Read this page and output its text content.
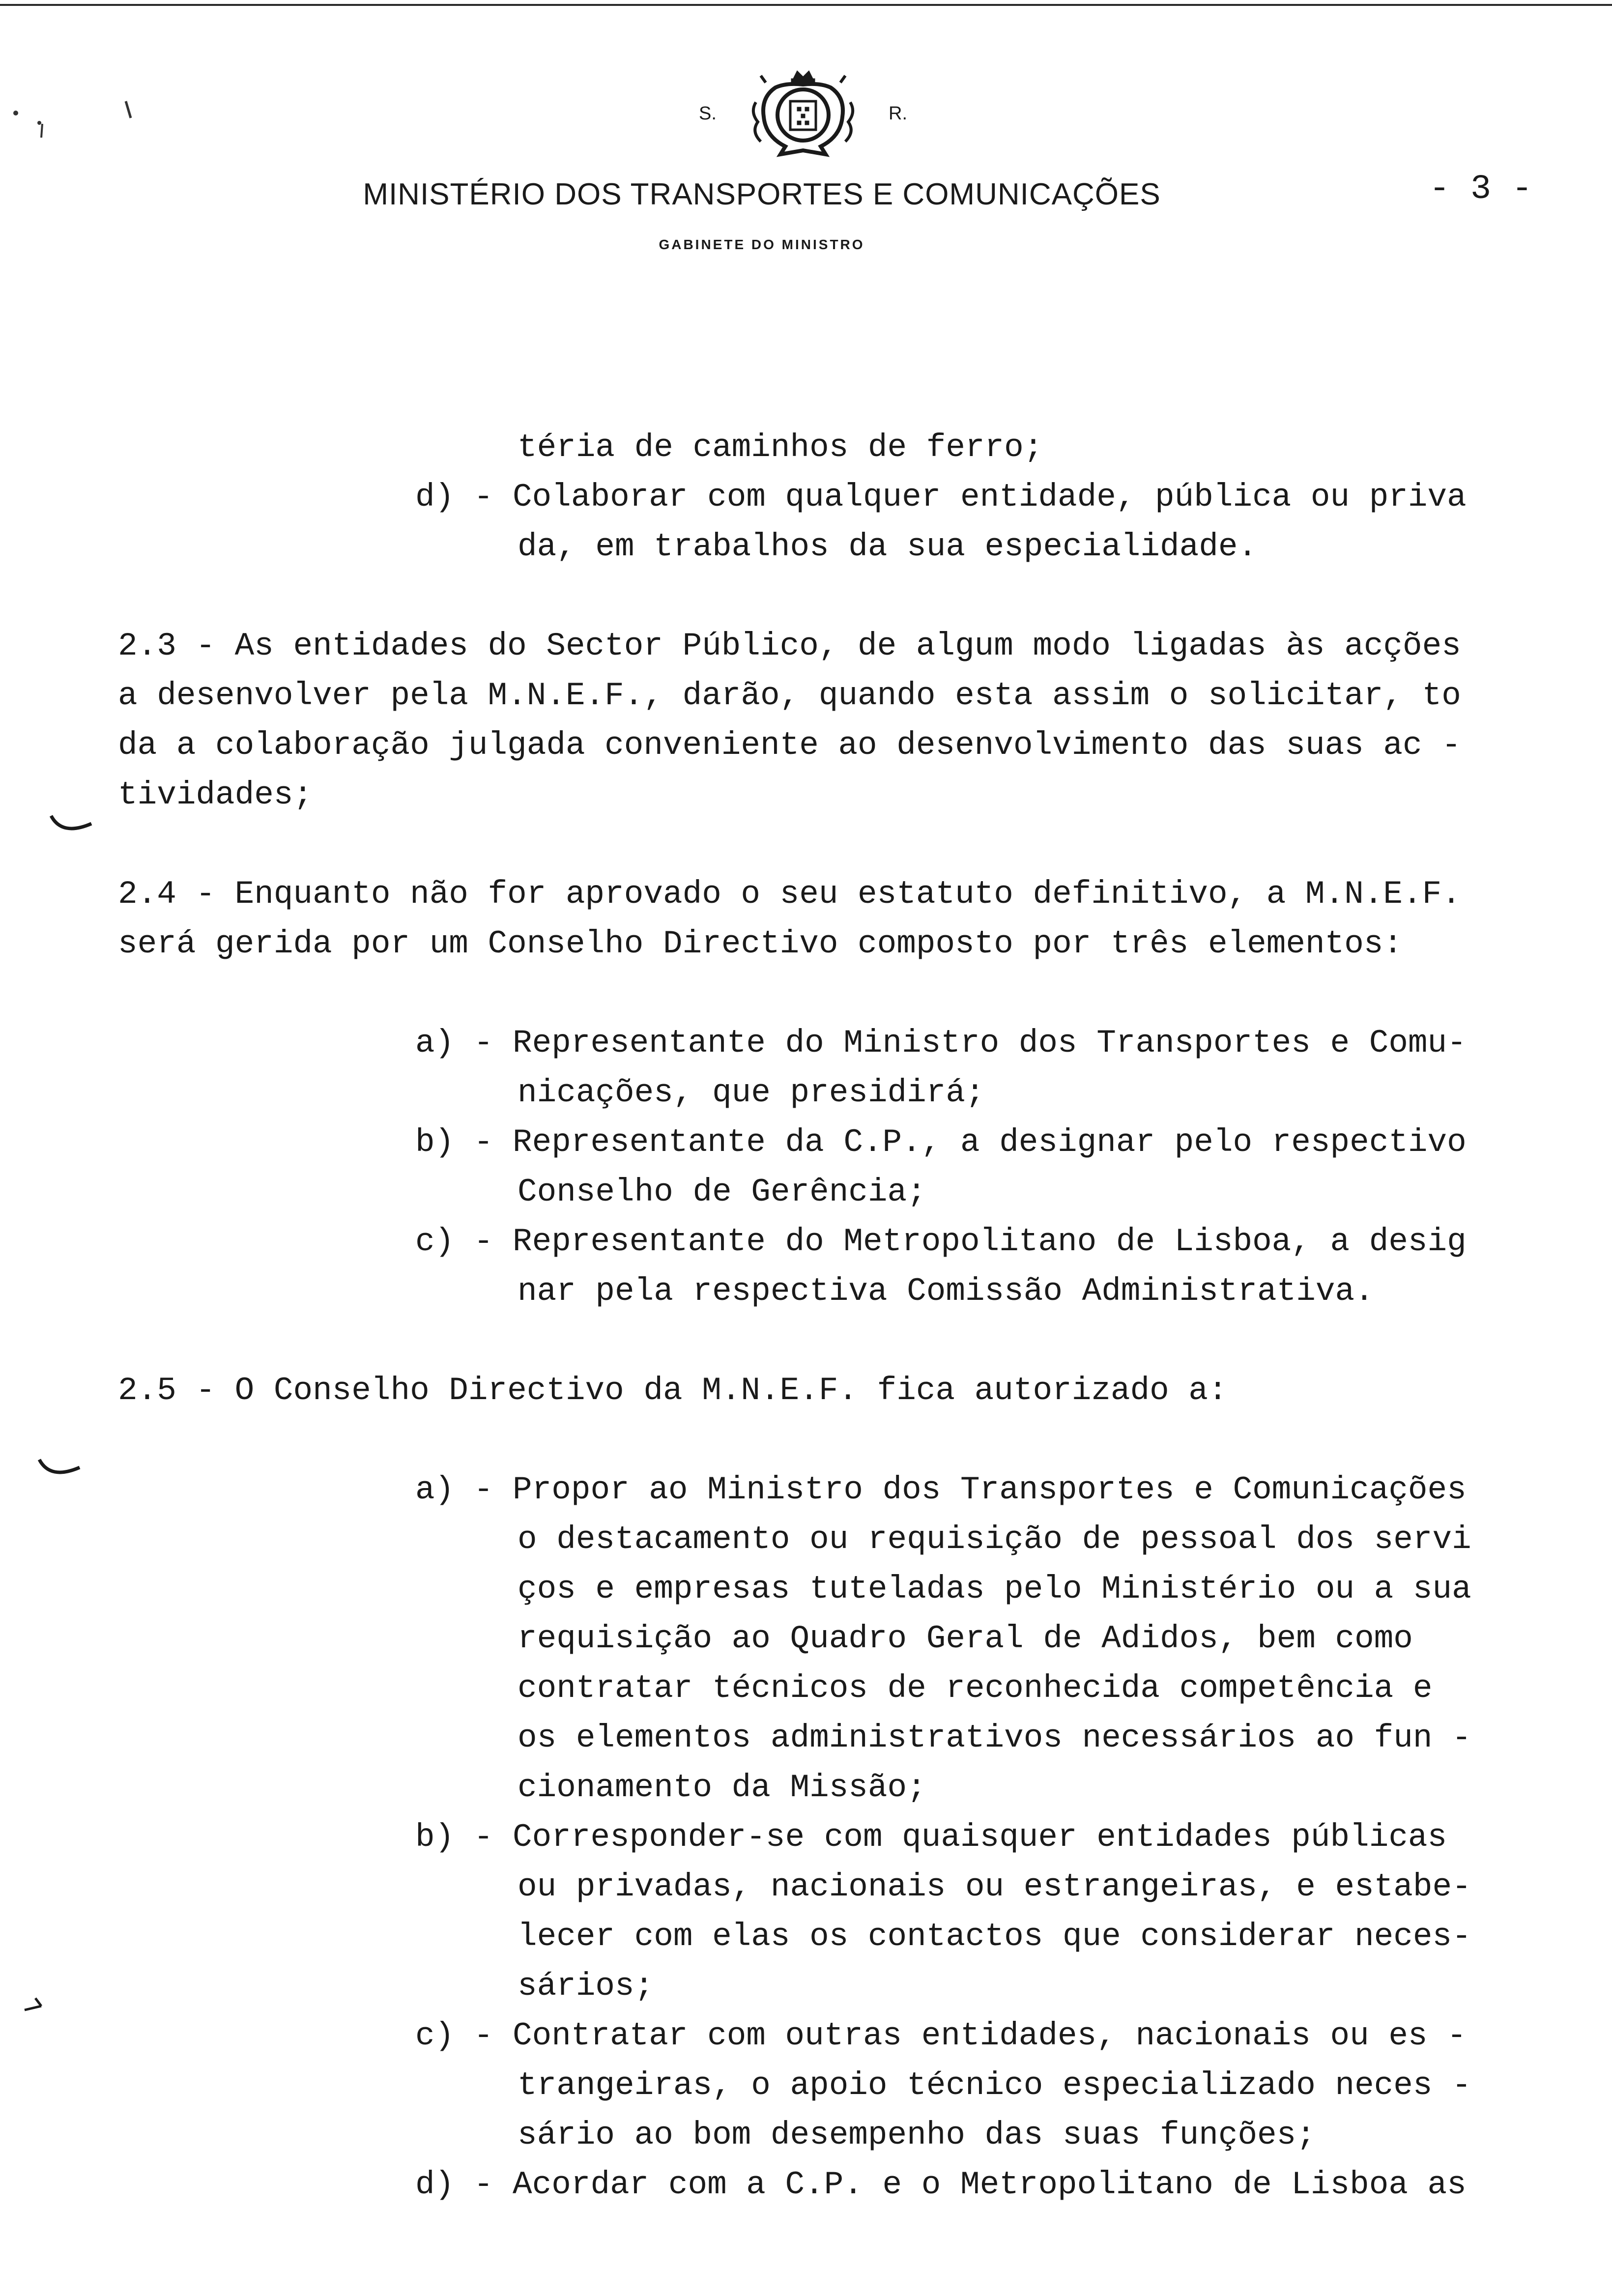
S.	R.
MINISTÉRIO DOS TRANSPORTES E COMUNICAÇÕES
GABINETE DO MINISTRO
- 3 -
téria de caminhos de ferro;
d) - Colaborar com qualquer entidade, pública ou priva
da, em trabalhos da sua especialidade.
2.3 - As entidades do Sector Público, de algum modo ligadas às acções
a desenvolver pela M.N.E.F., darão, quando esta assim o solicitar, to
da a colaboração julgada conveniente ao desenvolvimento das suas ac -
tividades;
2.4 - Enquanto não for aprovado o seu estatuto definitivo, a M.N.E.F.
será gerida por um Conselho Directivo composto por três elementos:
a) - Representante do Ministro dos Transportes e Comu-
nicações, que presidirá;
b) - Representante da C.P., a designar pelo respectivo
Conselho de Gerência;
c) - Representante do Metropolitano de Lisboa, a desig
nar pela respectiva Comissão Administrativa.
2.5 - O Conselho Directivo da M.N.E.F. fica autorizado a:
a) - Propor ao Ministro dos Transportes e Comunicações
o destacamento ou requisição de pessoal dos servi
ços e empresas tuteladas pelo Ministério ou a sua
requisição ao Quadro Geral de Adidos, bem como
contratar técnicos de reconhecida competência e
os elementos administrativos necessários ao fun -
cionamento da Missão;
b) - Corresponder-se com quaisquer entidades públicas
ou privadas, nacionais ou estrangeiras, e estabe-
lecer com elas os contactos que considerar neces-
sários;
c) - Contratar com outras entidades, nacionais ou es -
trangeiras, o apoio técnico especializado neces -
sário ao bom desempenho das suas funções;
d) - Acordar com a C.P. e o Metropolitano de Lisboa as
